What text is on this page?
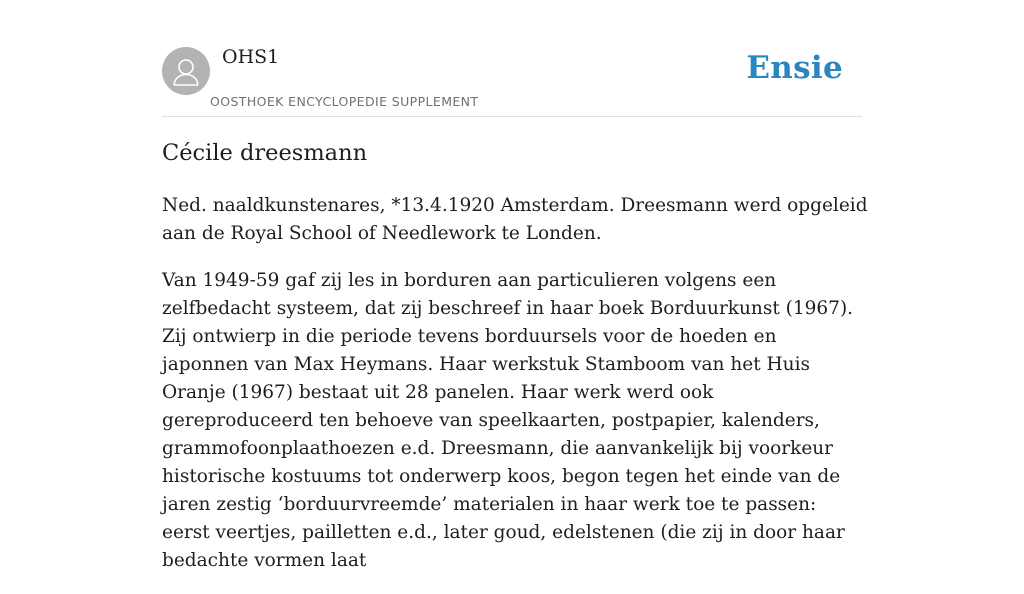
OHS1
OOSTHOEK ENCYCLOPEDIE SUPPLEMENT
Ensie
Cécile dreesmann

Ned. naaldkunstenares, *13.4.1920 Amsterdam. Dreesmann werd opgeleid aan de Royal School of Needlework te Londen.

Van 1949-59 gaf zij les in borduren aan particulieren volgens een zelfbedacht systeem, dat zij beschreef in haar boek Borduurkunst (1967). Zij ontwierp in die periode tevens borduursels voor de hoeden en japonnen van Max Heymans. Haar werkstuk Stamboom van het Huis Oranje (1967) bestaat uit 28 panelen. Haar werk werd ook gereproduceerd ten behoeve van speelkaarten, postpapier, kalenders, grammofoonplaathoezen e.d. Dreesmann, die aanvankelijk bij voorkeur historische kostuums tot onderwerp koos, begon tegen het einde van de jaren zestig ‘borduurvreemde’ materialen in haar werk toe te passen: eerst veertjes, pailletten e.d., later goud, edelstenen (die zij in door haar bedachte vormen laat
